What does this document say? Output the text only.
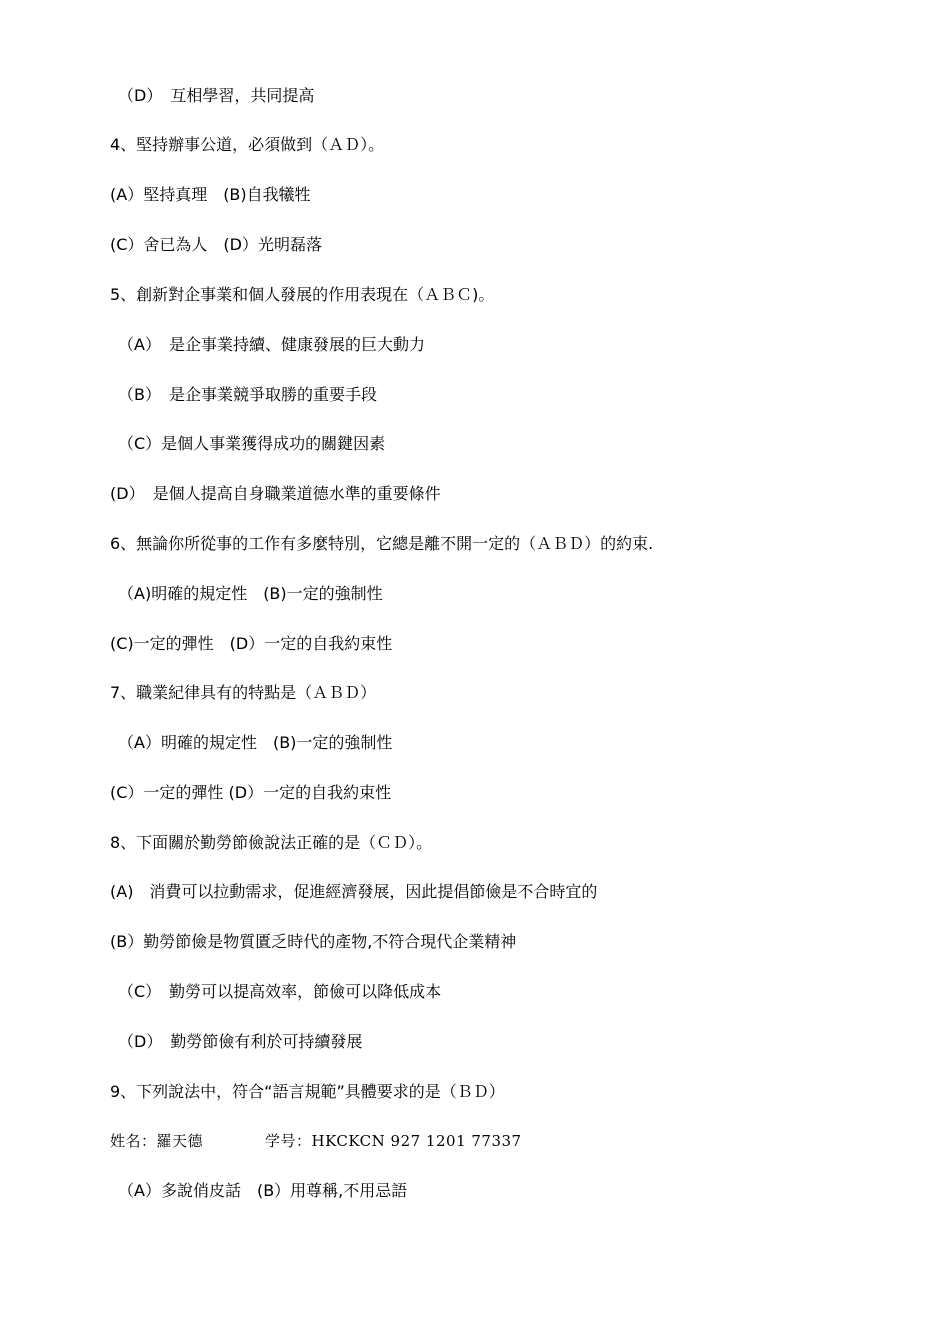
（D）　互相學習，共同提高
4、堅持辦事公道，必須做到（ＡＤ）。
(A）堅持真理　(B)自我犧牲
(C）舍已為人　(D）光明磊落
5、創新對企事業和個人發展的作用表現在（ＡＢＣ)。
（A）　是企事業持續、健康發展的巨大動力
（B）　是企事業競爭取勝的重要手段
（C）是個人事業獲得成功的關鍵因素
(D）　是個人提高自身職業道德水準的重要條件
6、無論你所從事的工作有多麼特別，它總是離不開一定的（ＡＢＤ）的約束.
（A)明確的規定性　(B)一定的強制性
(C)一定的彈性　(D）一定的自我約束性
7、職業紀律具有的特點是（ＡＢＤ）
（A）明確的規定性　(B)一定的強制性
(C）一定的彈性 (D）一定的自我約束性
8、下面關於勤勞節儉說法正確的是（ＣＤ）。
(A)　消費可以拉動需求，促進經濟發展，因此提倡節儉是不合時宜的
(B）勤勞節儉是物質匱乏時代的產物,不符合現代企業精神
（C）　勤勞可以提高效率，節儉可以降低成本
（D）　勤勞節儉有利於可持續發展
9、下列說法中，符合“語言規範”具體要求的是（ＢＤ）
姓名：羅天德　　　　学号：HKCKCN 927 1201 77337
（A）多說俏皮話　(B）用尊稱,不用忌語
